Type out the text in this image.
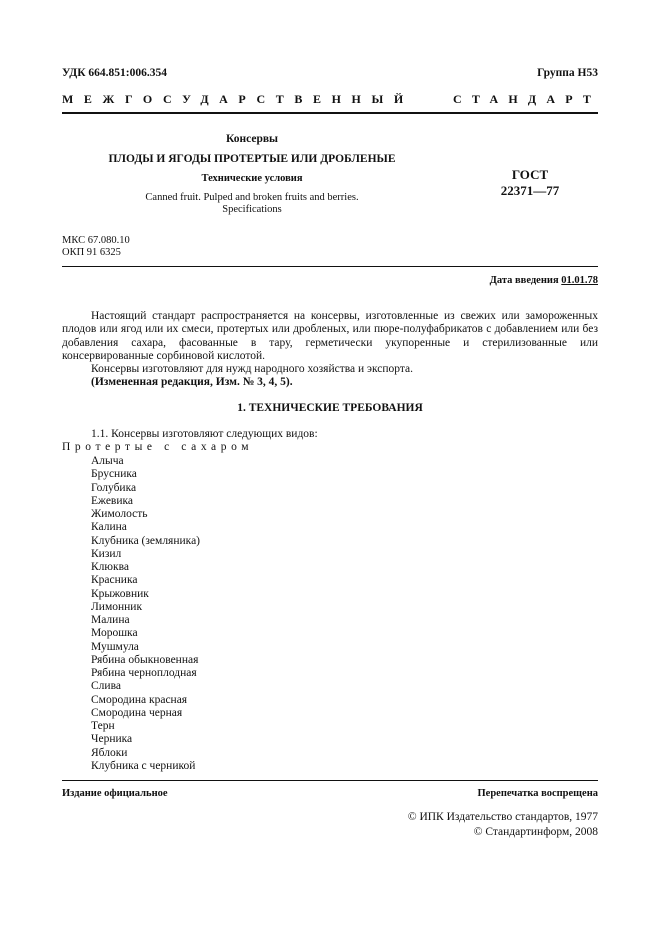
УДК 664.851:006.354	Группа Н53
МЕЖГОСУДАРСТВЕННЫЙ	СТАНДАРТ
Консервы
ПЛОДЫ И ЯГОДЫ ПРОТЕРТЫЕ ИЛИ ДРОБЛЕНЫЕ
Технические условия
Canned fruit. Pulped and broken fruits and berries.
Specifications
ГОСТ
22371—77
МКС 67.080.10
ОКП 91 6325
Дата введения 01.01.78
Настоящий стандарт распространяется на консервы, изготовленные из свежих или замороженных плодов или ягод или их смеси, протертых или дробленых, или пюре-полуфабрикатов с добавлением или без добавления сахара, фасованные в тару, герметически укупоренные и стерилизованные или консервированные сорбиновой кислотой.
Консервы изготовляют для нужд народного хозяйства и экспорта.
(Измененная редакция, Изм. № 3, 4, 5).
1. ТЕХНИЧЕСКИЕ ТРЕБОВАНИЯ
1.1. Консервы изготовляют следующих видов:
Протертые с сахаром
Алыча
Брусника
Голубика
Ежевика
Жимолость
Калина
Клубника (земляника)
Кизил
Клюква
Красника
Крыжовник
Лимонник
Малина
Морошка
Мушмула
Рябина обыкновенная
Рябина черноплодная
Слива
Смородина красная
Смородина черная
Терн
Черника
Яблоки
Клубника с черникой
Издание официальное	Перепечатка воспрещена
© ИПК Издательство стандартов, 1977
© Стандартинформ, 2008
